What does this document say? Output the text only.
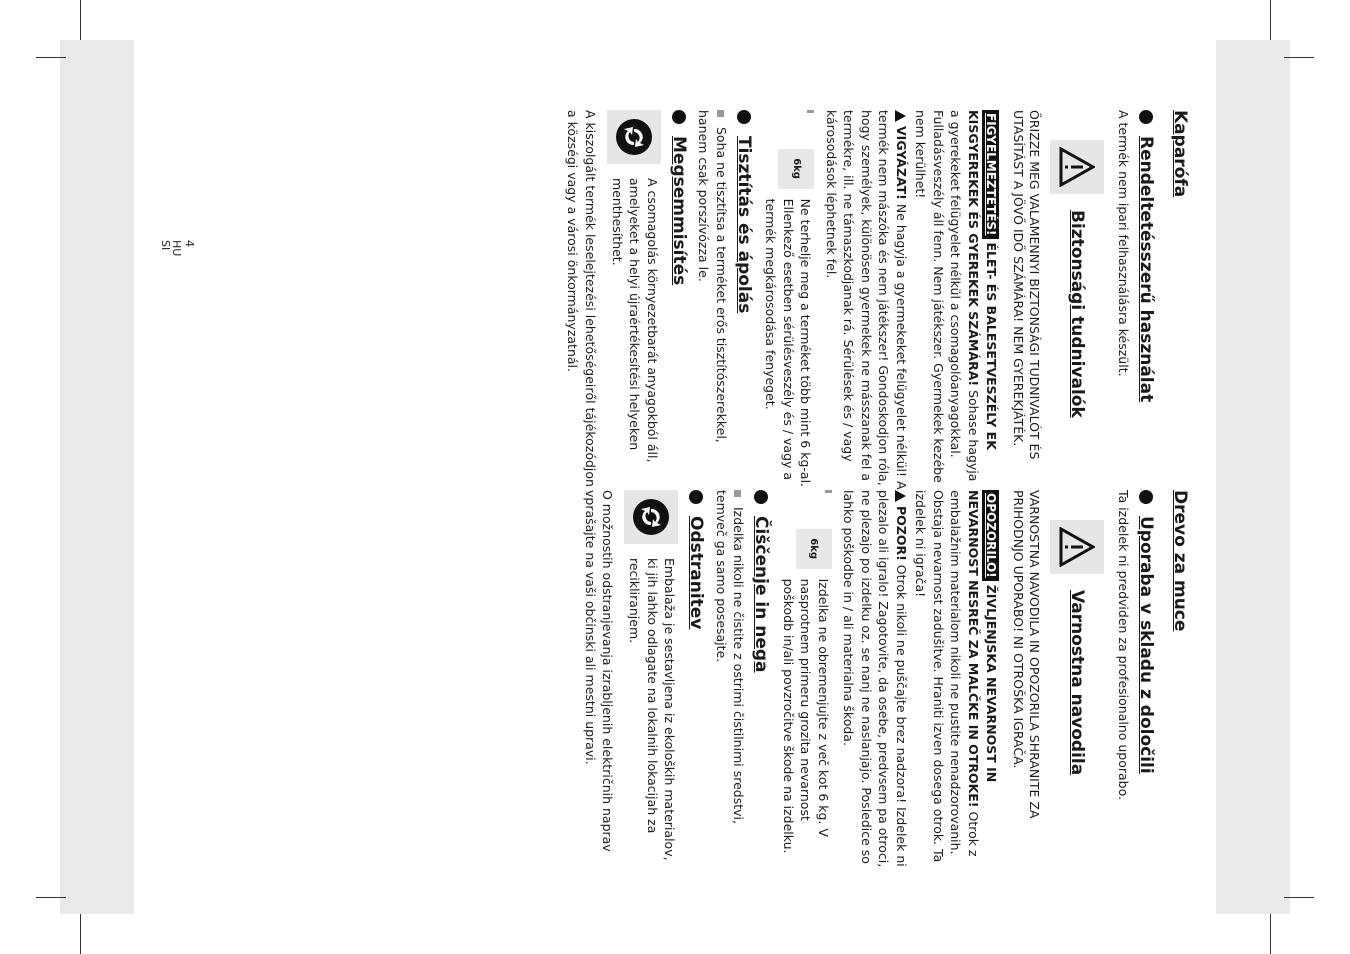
4
HU
SI
Kaparófa
Rendeltetésszerű használat

A termék nem ipari felhasználásra készült.

Biztonsági tudnivalók

ŐRIZZE MEG VALAMENNYI BIZTONSÁGI TUDNIVALÓT ÉS UTASÍTÁST A JÖVŐ IDŐ SZÁMÁRA! NEM GYEREKJÁTÉK.

FIGYELMEZTETÉS! ÉLET- ÉS BALESETVESZÉLY EK KISGYEREKEK ÉS GYEREKEK SZÁMÁRA! Sohase hagyja a gyerekeket felügyelet nélkül a csomagolóanyagokkal. Fulladásveszély áll fenn. Nem játékszer. Gyermekek kezébe nem kerülhet!

VIGYÁZAT! Ne hagyja a gyermekeket felügyelet nélkül! A termék nem mászóka és nem játékszer! Gondoskodjon róla, hogy személyek, különösen gyermekek ne másszanak fel a termékre, ill. ne támaszkodjanak rá. Sérülések és / vagy károsodások léphetnek fel.

6kg

Ne terhelje meg a terméket több mint 6 kg-al. Ellenkező esetben sérülésveszély és / vagy a termék megkárosodása fenyeget.

Tisztítás és ápolás

Soha ne tisztítsa a terméket erős tisztítószerekkel, hanem csak porszívózza le.

Megsemmisítés

A csomagolás környezetbarát anyagokból áll, amelyeket a helyi újraértékesítési helyeken menthesíthet.

A kiszolgált termék leselejtezési lehetőségeiről tájékozódjon a községi vagy a városi önkormányzatnál.

Drevo za muce
Uporaba v skladu z določili

Ta izdelek ni predviden za profesionalno uporabo.

Varnostna navodila

VARNOSTNA NAVODILA IN OPOZORILA SHRANITE ZA PRIHODNJO UPORABO! NI OTROŠKA IGRAČA.

OPOZORILO! ŽIVLJENJSKA NEVARNOST IN NEVARNOST NESREČ ZA MALČKE IN OTROKE! Otrok z embalažnim materialom nikoli ne pustite nenadzorovanih. Obstaja nevarnost zadušitve. Hraniti izven dosega otrok. Ta izdelek ni igrača!

POZOR! Otrok nikoli ne puščajte brez nadzora! Izdelek ni plezalo ali igralo! Zagotovite, da osebe, predvsem pa otroci, ne plezajo po izdelku oz. se nanj ne naslanjajo. Posledice so lahko poškodbe in / ali materialna škoda.

6kg

Izdelka ne obremenjujte z več kot 6 kg. V nasprotnem primeru grozita nevarnost poškodb in/ali povzročitve škode na izdelku.

Čiščenje in nega

Izdelka nikoli ne čistite z ostrimi čistilnimi sredstvi, temveč ga samo posesajte.

Odstranitev

Embalaža je sestavljena iz ekoloških materialov, ki jih lahko odlagate na lokalnih lokacijah za recikliranjem.

O možnostih odstranjevanja izrabljenih električnih naprav vprašajte na vaši občinski ali mestni upravi.
